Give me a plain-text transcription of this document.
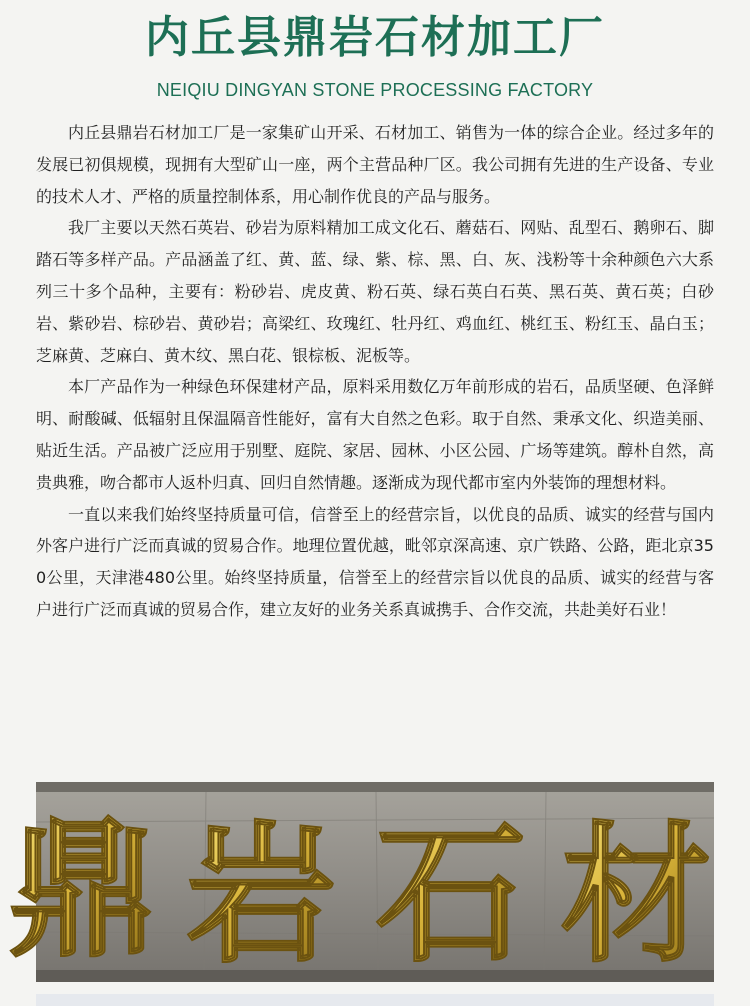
内丘县鼎岩石材加工厂
NEIQIU DINGYAN STONE PROCESSING FACTORY

内丘县鼎岩石材加工厂是一家集矿山开采、石材加工、销售为一体的综合企业。经过多年的发展已初俱规模，现拥有大型矿山一座，两个主营品种厂区。我公司拥有先进的生产设备、专业的技术人才、严格的质量控制体系，用心制作优良的产品与服务。

我厂主要以天然石英岩、砂岩为原料精加工成文化石、蘑菇石、网贴、乱型石、鹅卵石、脚踏石等多样产品。产品涵盖了红、黄、蓝、绿、紫、棕、黑、白、灰、浅粉等十余种颜色六大系列三十多个品种，主要有：粉砂岩、虎皮黄、粉石英、绿石英白石英、黑石英、黄石英；白砂岩、紫砂岩、棕砂岩、黄砂岩；高梁红、玫瑰红、牡丹红、鸡血红、桃红玉、粉红玉、晶白玉；芝麻黄、芝麻白、黄木纹、黑白花、银棕板、泥板等。

本厂产品作为一种绿色环保建材产品，原料采用数亿万年前形成的岩石，品质坚硬、色泽鲜明、耐酸碱、低辐射且保温隔音性能好，富有大自然之色彩。取于自然、秉承文化、织造美丽、贴近生活。产品被广泛应用于别墅、庭院、家居、园林、小区公园、广场等建筑。醇朴自然，高贵典雅，吻合都市人返朴归真、回归自然情趣。逐渐成为现代都市室内外装饰的理想材料。

一直以来我们始终坚持质量可信，信誉至上的经营宗旨，以优良的品质、诚实的经营与国内外客户进行广泛而真诚的贸易合作。地理位置优越，毗邻京深高速、京广铁路、公路，距北京350公里，天津港480公里。始终坚持质量，信誉至上的经营宗旨以优良的品质、诚实的经营与客户进行广泛而真诚的贸易合作，建立友好的业务关系真诚携手、合作交流，共赴美好石业！

鼎 岩 石 材
